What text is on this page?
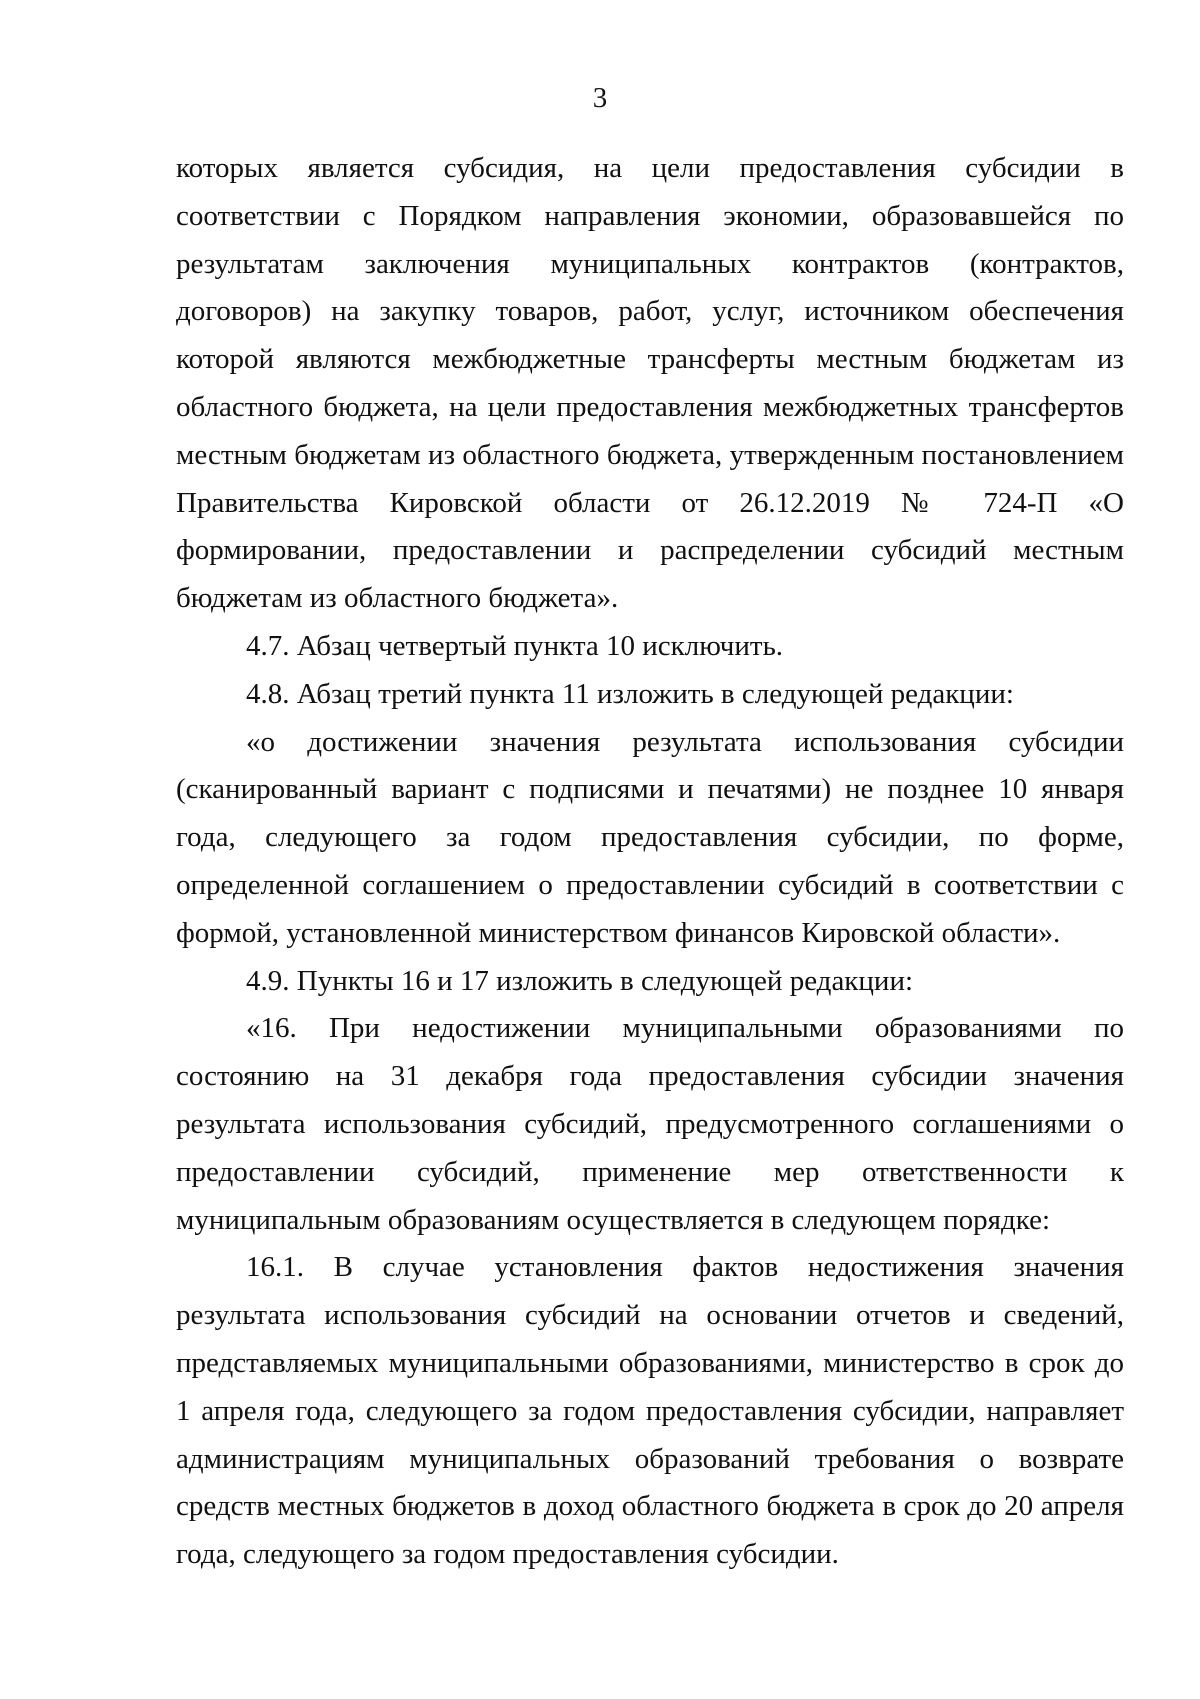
3

которых является субсидия, на цели предоставления субсидии в соответствии с Порядком направления экономии, образовавшейся по результатам заключения муниципальных контрактов (контрактов, договоров) на закупку товаров, работ, услуг, источником обеспечения которой являются межбюджетные трансферты местным бюджетам из областного бюджета, на цели предоставления межбюджетных трансфертов местным бюджетам из областного бюджета, утвержденным постановлением Правительства Кировской области от 26.12.2019 № 724-П «О формировании, предоставлении и распределении субсидий местным бюджетам из областного бюджета».

4.7. Абзац четвертый пункта 10 исключить.

4.8. Абзац третий пункта 11 изложить в следующей редакции:

«о достижении значения результата использования субсидии (сканированный вариант с подписями и печатями) не позднее 10 января года, следующего за годом предоставления субсидии, по форме, определенной соглашением о предоставлении субсидий в соответствии с формой, установленной министерством финансов Кировской области».

4.9. Пункты 16 и 17 изложить в следующей редакции:

«16. При недостижении муниципальными образованиями по состоянию на 31 декабря года предоставления субсидии значения результата использования субсидий, предусмотренного соглашениями о предоставлении субсидий, применение мер ответственности к муниципальным образованиям осуществляется в следующем порядке:

16.1. В случае установления фактов недостижения значения результата использования субсидий на основании отчетов и сведений, представляемых муниципальными образованиями, министерство в срок до 1 апреля года, следующего за годом предоставления субсидии, направляет администрациям муниципальных образований требования о возврате средств местных бюджетов в доход областного бюджета в срок до 20 апреля года, следующего за годом предоставления субсидии.
